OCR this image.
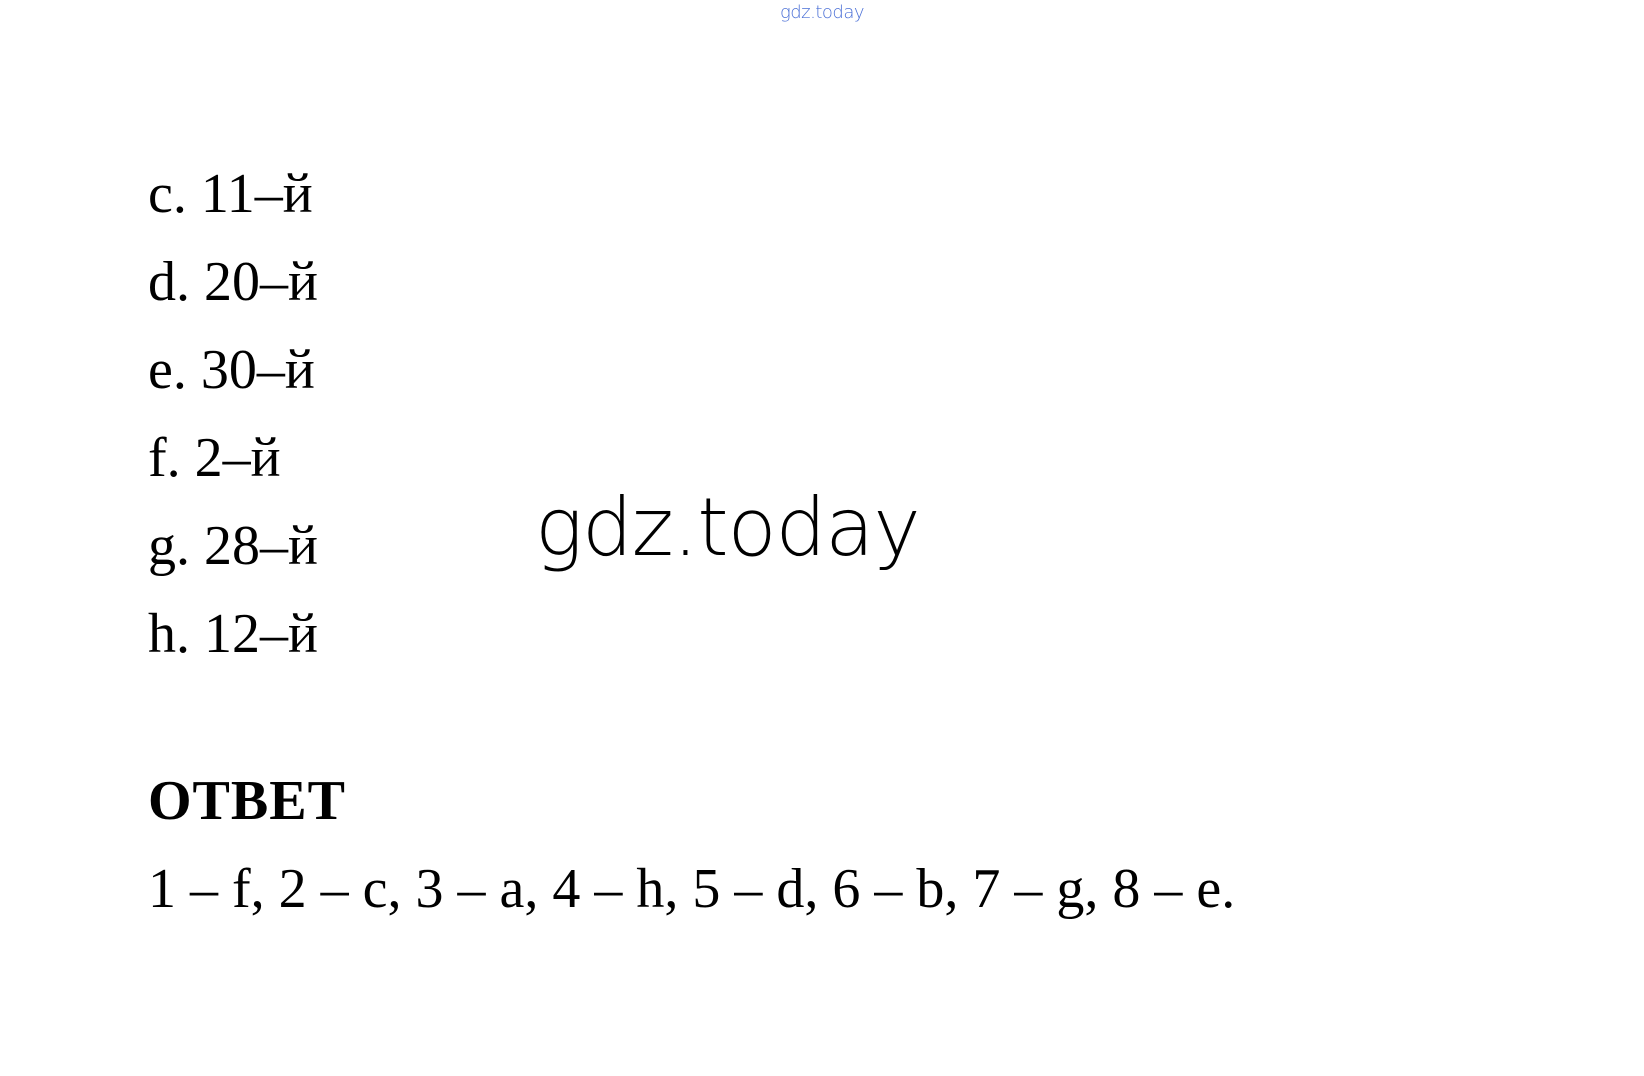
gdz.today
c. 11–й
d. 20–й
e. 30–й
f. 2–й
g. 28–й
h. 12–й
gdz.today
ОТВЕТ

1 – f, 2 – c, 3 – a, 4 – h, 5 – d, 6 – b, 7 – g, 8 – e.
